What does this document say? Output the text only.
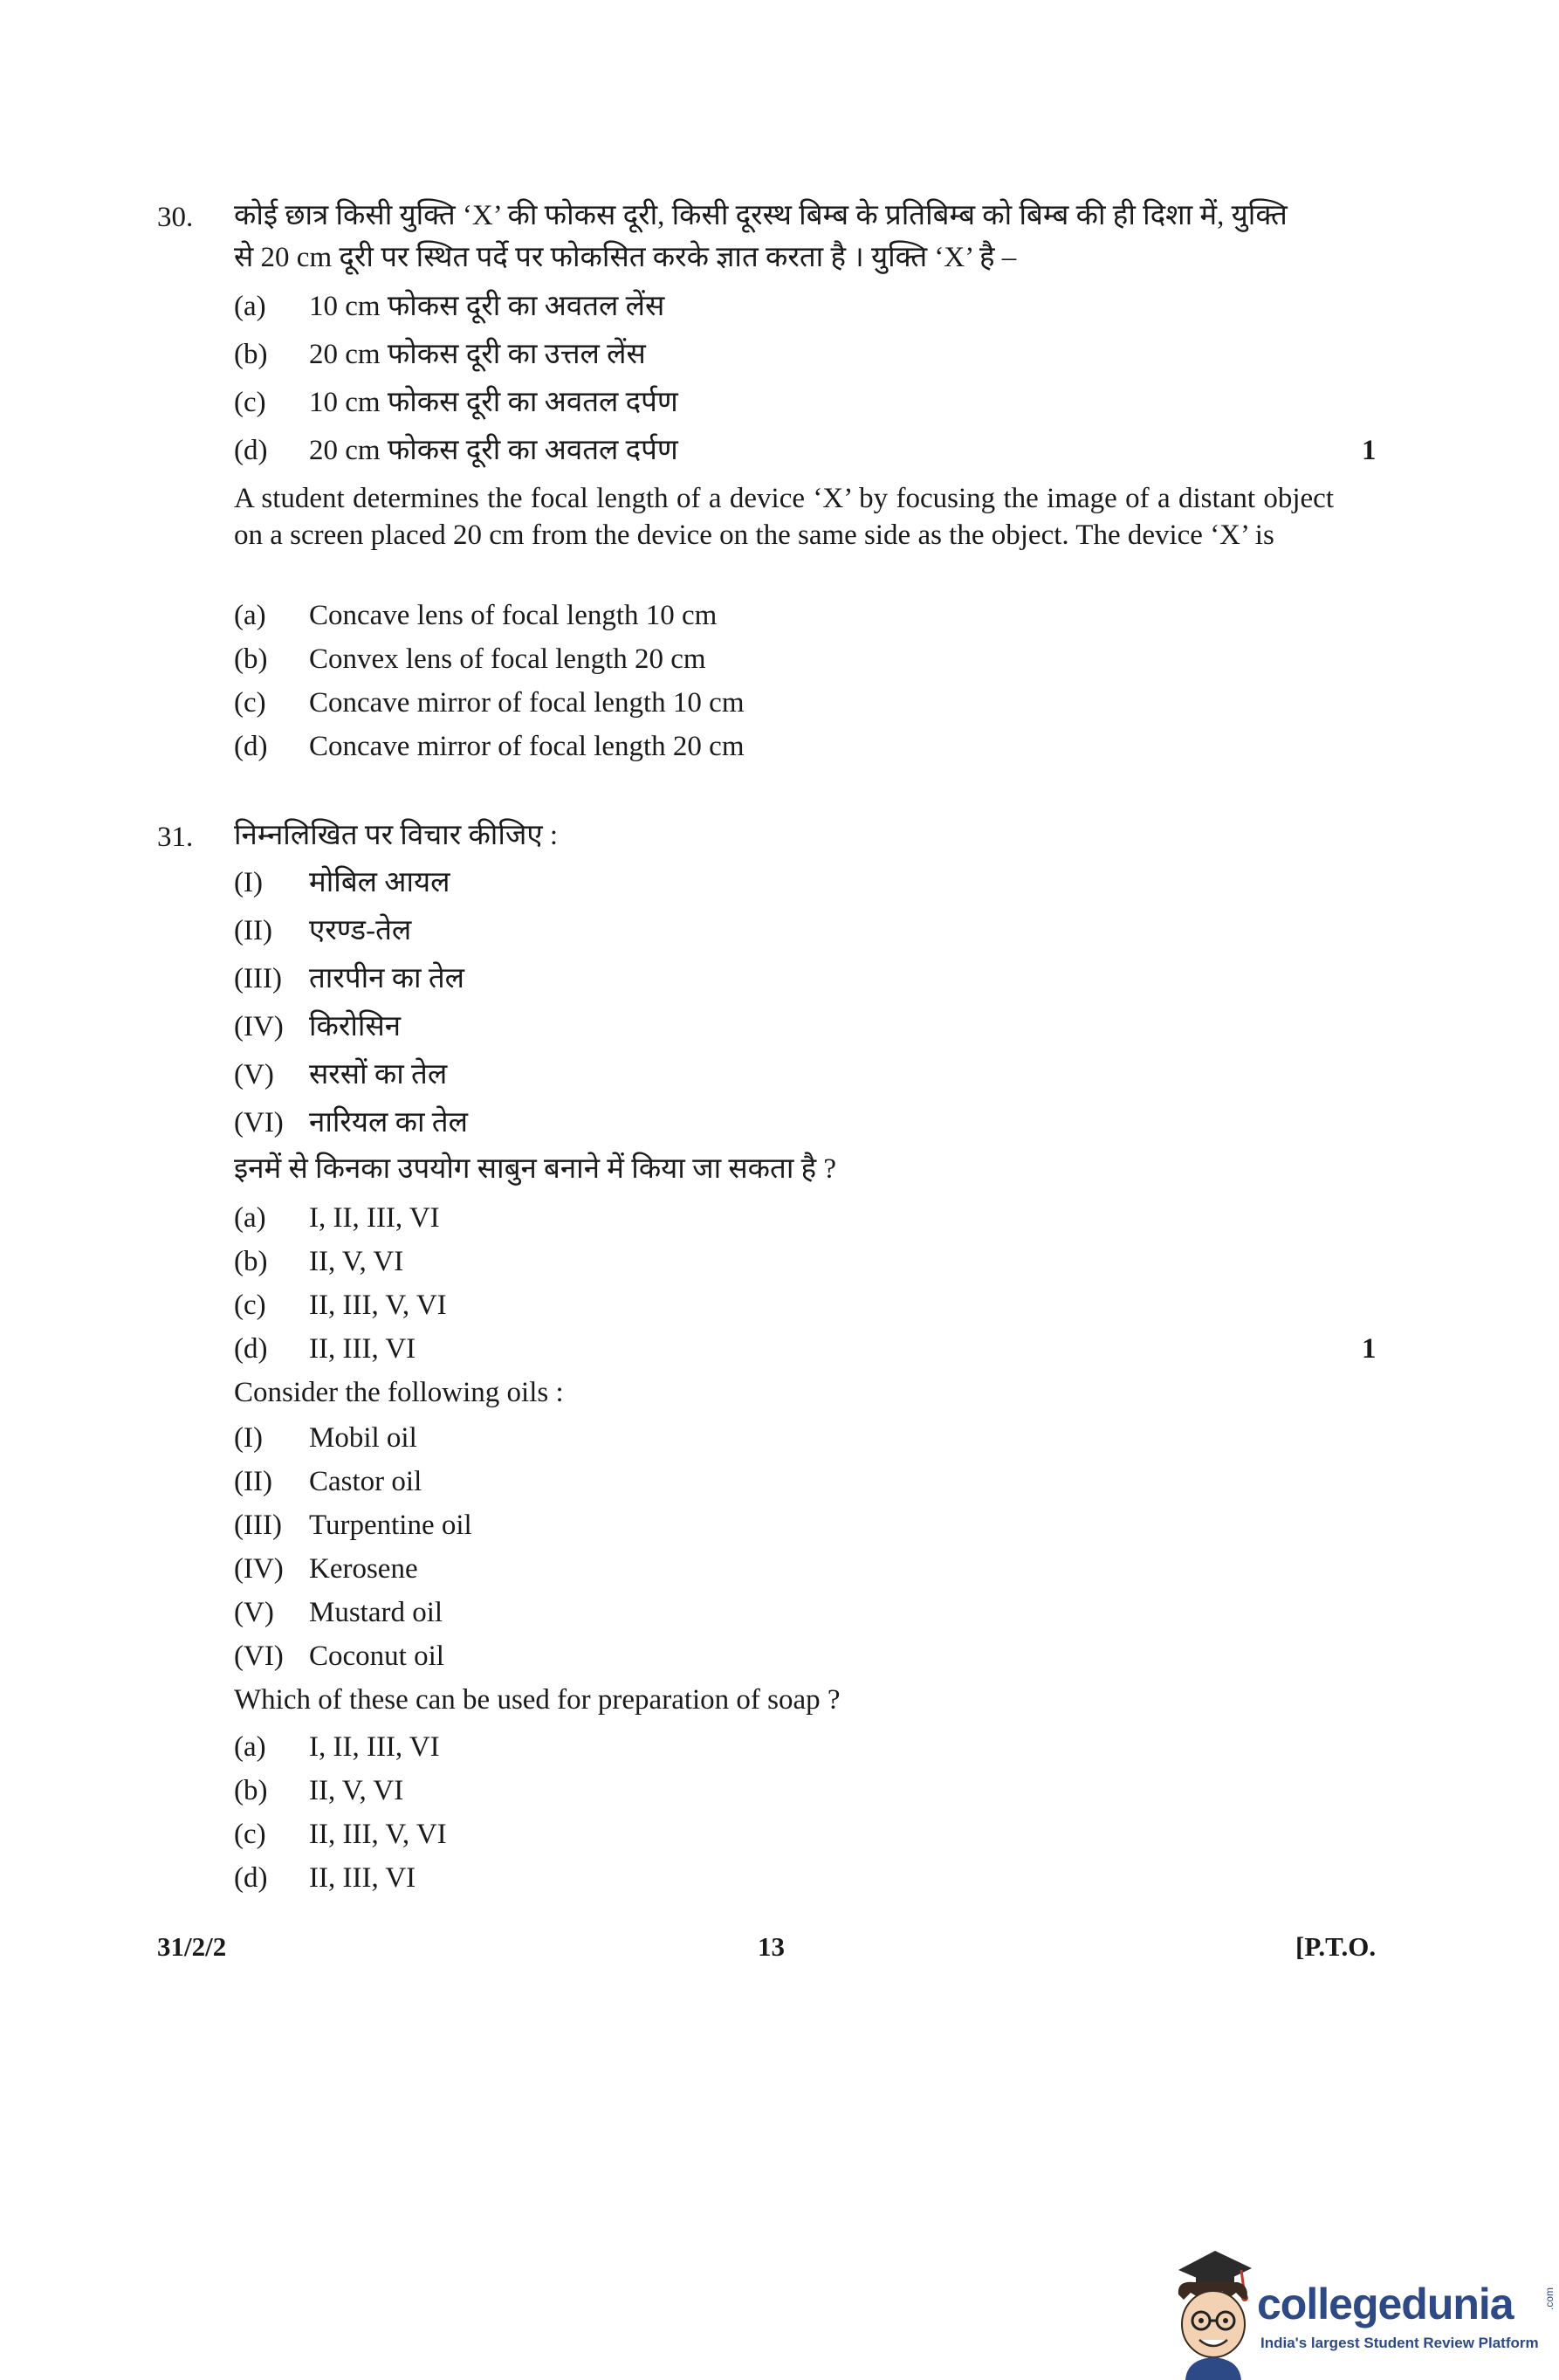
30. कोई छात्र किसी युक्ति ‘X’ की फोकस दूरी, किसी दूरस्थ बिम्ब के प्रतिबिम्ब को बिम्ब की ही दिशा में, युक्ति
से 20 cm दूरी पर स्थित पर्दे पर फोकसित करके ज्ञात करता है । युक्ति ‘X’ है –
(a) 10 cm फोकस दूरी का अवतल लेंस
(b) 20 cm फोकस दूरी का उत्तल लेंस
(c) 10 cm फोकस दूरी का अवतल दर्पण
(d) 20 cm फोकस दूरी का अवतल दर्पण	1
A student determines the focal length of a device ‘X’ by focusing the image of a distant object on a screen placed 20 cm from the device on the same side as the object. The device ‘X’ is
(a) Concave lens of focal length 10 cm
(b) Convex lens of focal length 20 cm
(c) Concave mirror of focal length 10 cm
(d) Concave mirror of focal length 20 cm
31. निम्नलिखित पर विचार कीजिए :
(I) मोबिल आयल
(II) एरण्ड-तेल
(III) तारपीन का तेल
(IV) किरोसिन
(V) सरसों का तेल
(VI) नारियल का तेल
इनमें से किनका उपयोग साबुन बनाने में किया जा सकता है ?
(a) I, II, III, VI
(b) II, V, VI
(c) II, III, V, VI
(d) II, III, VI	1
Consider the following oils :
(I) Mobil oil
(II) Castor oil
(III) Turpentine oil
(IV) Kerosene
(V) Mustard oil
(VI) Coconut oil
Which of these can be used for preparation of soap ?
(a) I, II, III, VI
(b) II, V, VI
(c) II, III, V, VI
(d) II, III, VI
31/2/2	13	[P.T.O.
collegedunia	.com
India's largest Student Review Platform
